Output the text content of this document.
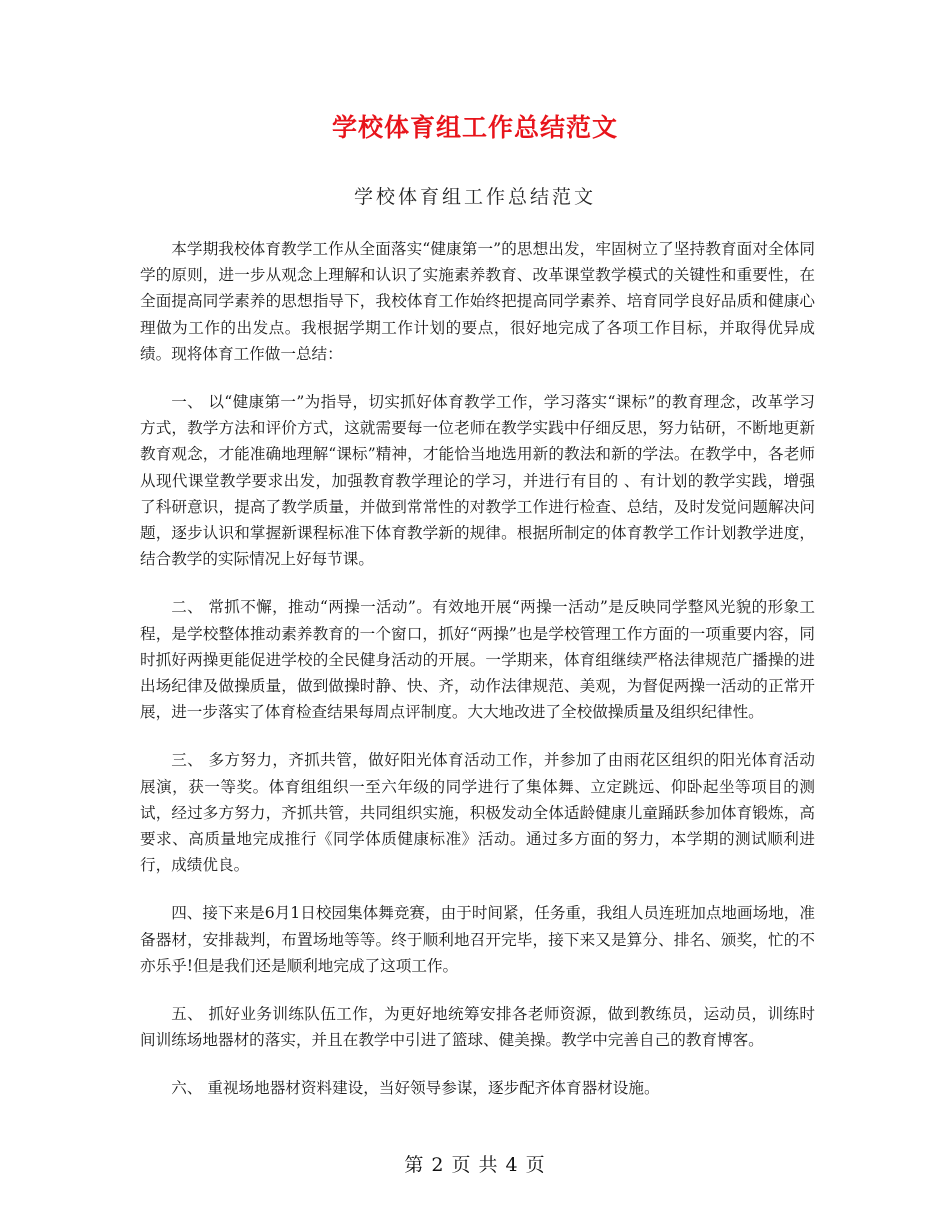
学校体育组工作总结范文
学校体育组工作总结范文

本学期我校体育教学工作从全面落实“健康第一”的思想出发，牢固树立了坚持教育面对全体同学的原则，进一步从观念上理解和认识了实施素养教育、改革课堂教学模式的关键性和重要性，在全面提高同学素养的思想指导下，我校体育工作始终把提高同学素养、培育同学良好品质和健康心理做为工作的出发点。我根据学期工作计划的要点，很好地完成了各项工作目标，并取得优异成绩。现将体育工作做一总结：

一、 以“健康第一”为指导，切实抓好体育教学工作，学习落实“课标”的教育理念，改革学习方式，教学方法和评价方式，这就需要每一位老师在教学实践中仔细反思，努力钻研，不断地更新教育观念，才能准确地理解“课标”精神，才能恰当地选用新的教法和新的学法。在教学中，各老师从现代课堂教学要求出发，加强教育教学理论的学习，并进行有目的 、有计划的教学实践，增强了科研意识，提高了教学质量，并做到常常性的对教学工作进行检查、总结，及时发觉问题解决问题，逐步认识和掌握新课程标准下体育教学新的规律。根据所制定的体育教学工作计划教学进度，结合教学的实际情况上好每节课。

二、 常抓不懈，推动“两操一活动”。有效地开展“两操一活动”是反映同学整风光貌的形象工程，是学校整体推动素养教育的一个窗口，抓好“两操”也是学校管理工作方面的一项重要内容，同时抓好两操更能促进学校的全民健身活动的开展。一学期来，体育组继续严格法律规范广播操的进出场纪律及做操质量，做到做操时静、快、齐，动作法律规范、美观，为督促两操一活动的正常开展，进一步落实了体育检查结果每周点评制度。大大地改进了全校做操质量及组织纪律性。

三、 多方努力，齐抓共管，做好阳光体育活动工作，并参加了由雨花区组织的阳光体育活动展演，获一等奖。体育组组织一至六年级的同学进行了集体舞、立定跳远、仰卧起坐等项目的测试，经过多方努力，齐抓共管，共同组织实施，积极发动全体适龄健康儿童踊跃参加体育锻炼，高要求、高质量地完成推行《同学体质健康标准》活动。通过多方面的努力，本学期的测试顺利进行，成绩优良。

四、接下来是6月1日校园集体舞竞赛，由于时间紧，任务重，我组人员连班加点地画场地，准备器材，安排裁判，布置场地等等。终于顺利地召开完毕，接下来又是算分、排名、颁奖，忙的不亦乐乎!但是我们还是顺利地完成了这项工作。

五、 抓好业务训练队伍工作，为更好地统筹安排各老师资源，做到教练员，运动员，训练时间训练场地器材的落实，并且在教学中引进了篮球、健美操。教学中完善自己的教育博客。

六、 重视场地器材资料建设，当好领导参谋，逐步配齐体育器材设施。

第 2 页 共 4 页
